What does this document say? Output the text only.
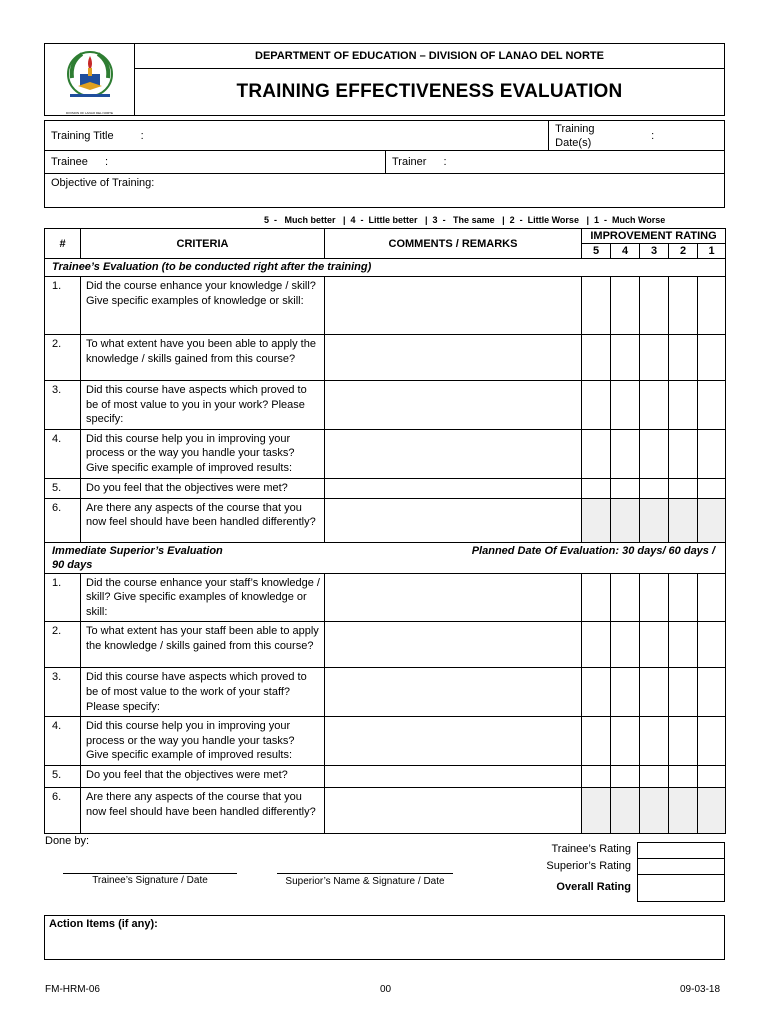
DIVISION OF LANAO DEL NORTE
	DEPARTMENT OF EDUCATION – DIVISION OF LANAO DEL NORTE
TRAINING EFFECTIVENESS EVALUATION
Training Title :		Training Date(s)
:

Trainee :	Trainer :	
Objective of Training:		
5  -   Much better   |  4  -  Little better   |  3  -   The same   |  2  -  Little Worse   |  1  -  Much Worse
#	CRITERIA	COMMENTS / REMARKS	IMPROVEMENT RATING				
			5	4	3	2	1
Trainee’s Evaluation (to be conducted right after the training)							
1.	Did the course enhance your knowledge / skill?
Give specific examples of knowledge or skill:						
2.	To what extent have you been able to apply the knowledge / skills gained from this course?						
3.	Did this course have aspects which proved to be of most value to you in your work? Please specify:						
4.	Did this course help you in improving your process or the way you handle your tasks? Give specific example of improved results:						
5.	Do you feel that the objectives were met?						
6.	Are there any aspects of the course that you now feel should have been handled differently?						

Planned Date Of Evaluation: 30 days/ 60 days /
Immediate Superior’s Evaluation
90 days							
1.	Did the course enhance your staff’s knowledge / skill? Give specific examples of knowledge or skill:						
2.	To what extent has your staff been able to apply the knowledge / skills gained from this course?						
3.	Did this course have aspects which proved to be of most value to the work of your staff? Please specify:						
4.	Did this course help you in improving your process or the way you handle your tasks? Give specific example of improved results:						
5.	Do you feel that the objectives were met?						
6.	Are there any aspects of the course that you now feel should have been handled differently?						
Done by:
Trainee’s Signature / Date	Superior’s Name & Signature / Date
Trainee’s Rating
Superior’s Rating
Overall Rating

Action Items (if any):
FM-HRM-06	00	09-03-18
